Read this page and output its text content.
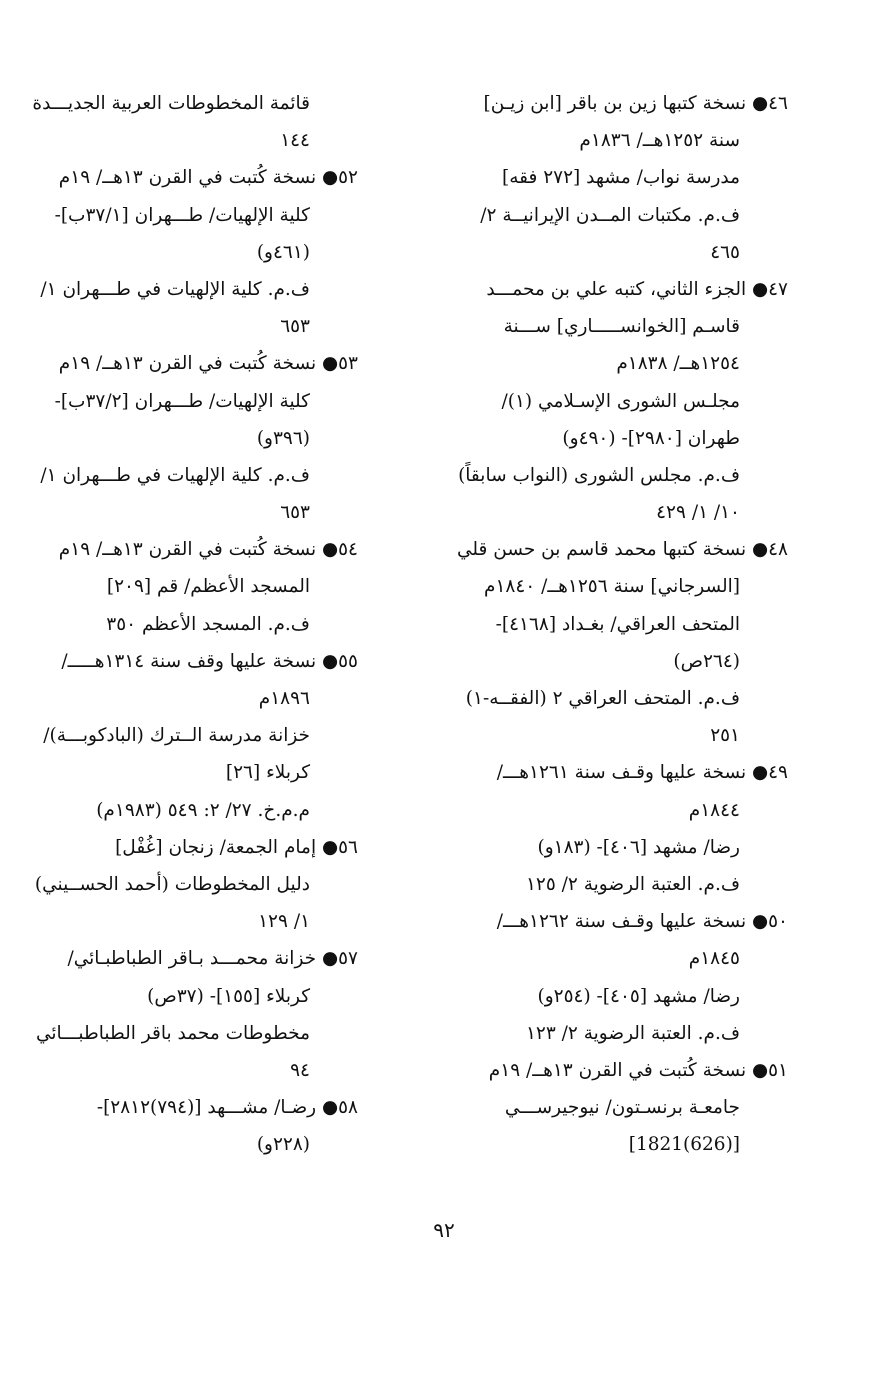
٤٦● نسخة كتبها زين بن باقر [ابن زيـن]
سنة ١٢٥٢هــ/ ١٨٣٦م
مدرسة نواب/ مشهد [٢٧٢ فقه]
ف.م. مكتبات المــدن الإيرانيــة ٢/
٤٦٥
٤٧● الجزء الثاني، كتبه علي بن محمـــد
قاسـم [الخوانســـــاري] ســـنة
١٢٥٤هــ/ ١٨٣٨م
مجلـس الشورى الإسـلامي (١)/
طهران [٢٩٨٠]- (٤٩٠و)
ف.م. مجلس الشورى (النواب سابقاً)
١٠/ ١/ ٤٢٩
٤٨● نسخة كتبها محمد قاسم بن حسن قلي
[السرجاني] سنة ١٢٥٦هــ/ ١٨٤٠م
المتحف العراقي/ بغـداد [٤١٦٨]-
(٢٦٤ص)
ف.م. المتحف العراقي ٢ (الفقــه-١)
٢٥١
٤٩● نسخة عليها وقـف سنة ١٢٦١هـــ/
١٨٤٤م
رضا/ مشهد [٤٠٦]- (١٨٣و)
ف.م. العتبة الرضوية ٢/ ١٢٥
٥٠● نسخة عليها وقـف سنة ١٢٦٢هـــ/
١٨٤٥م
رضا/ مشهد [٤٠٥]- (٢٥٤و)
ف.م. العتبة الرضوية ٢/ ١٢٣
٥١● نسخة كُتبت في القرن ١٣هــ/ ١٩م
جامعـة برنسـتون/ نيوجيرســـي
[(626)1821]
قائمة المخطوطات العربية الجديـــدة
١٤٤
٥٢● نسخة كُتبت في القرن ١٣هــ/ ١٩م
كلية الإلهيات/ طـــهران [٣٧/١ب]-
(٤٦١و)
ف.م. كلية الإلهيات في طـــهران ١/
٦٥٣
٥٣● نسخة كُتبت في القرن ١٣هــ/ ١٩م
كلية الإلهيات/ طـــهران [٣٧/٢ب]-
(٣٩٦و)
ف.م. كلية الإلهيات في طـــهران ١/
٦٥٣
٥٤● نسخة كُتبت في القرن ١٣هــ/ ١٩م
المسجد الأعظم/ قم [٢٠٩]
ف.م. المسجد الأعظم ٣٥٠
٥٥● نسخة عليها وقف سنة ١٣١٤هـــــ/
١٨٩٦م
خزانة مدرسة الــترك (البادكوبـــة)/
كربلاء [٢٦]
م.م.خ. ٢٧/ ٢: ٥٤٩ (١٩٨٣م)
٥٦● إمام الجمعة/ زنجان [غُفْل]
دليل المخطوطات (أحمد الحســيني)
١/ ١٢٩
٥٧● خزانة محمـــد بـاقر الطباطبـائي/
كربلاء [١٥٥]- (٣٧ص)
مخطوطات محمد باقر الطباطبـــائي
٩٤
٥٨● رضـا/ مشـــهد [(٧٩٤)٢٨١٢]-
(٢٢٨و)
٩٢
